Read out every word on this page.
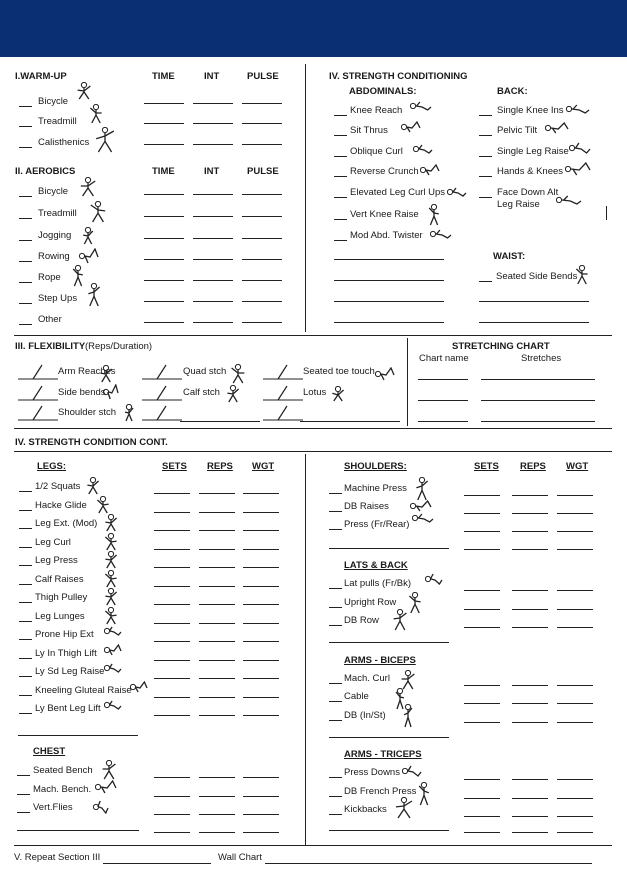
I.WARM-UP	TIME	INT	PULSE
Bicycle
Treadmill
Calisthenics
II. AEROBICS	TIME	INT	PULSE
Bicycle
Treadmill
Jogging
Rowing
Rope
Step Ups
Other
IV. STRENGTH CONDITIONING
ABDOMINALS:	BACK:
Knee Reach
Sit Thrus
Oblique Curl
Reverse Crunch
Elevated Leg Curl Ups
Vert Knee Raise
Mod Abd. Twister
Single Knee Ins
Pelvic Tilt
Single Leg Raise
Hands & Knees
Face Down Alt Leg Raise
WAIST:
Seated Side Bends
III. FLEXIBILITY (Reps/Duration)
Arm Reaches
Side bends
Shoulder stch
Quad stch
Calf stch
Seated toe touch
Lotus
STRETCHING CHART
Chart name	Stretches
IV. STRENGTH CONDITION CONT.
LEGS:	SETS REPS WGT
1/2 Squats
Hacke Glide
Leg Ext. (Mod)
Leg Curl
Leg Press
Calf Raises
Thigh Pulley
Leg Lunges
Prone Hip Ext
Ly In Thigh Lift
Ly Sd Leg Raise
Kneeling Gluteal Raise
Ly Bent Leg Lift
CHEST
Seated Bench
Mach. Bench.
Vert.Flies
SHOULDERS:	SETS REPS WGT
Machine Press
DB Raises
Press (Fr/Rear)
LATS & BACK
Lat pulls (Fr/Bk)
Upright Row
DB Row
ARMS - BICEPS
Mach. Curl
Cable
DB (In/St)
ARMS - TRICEPS
Press Downs
DB French Press
Kickbacks
V. Repeat Section III	Wall Chart
